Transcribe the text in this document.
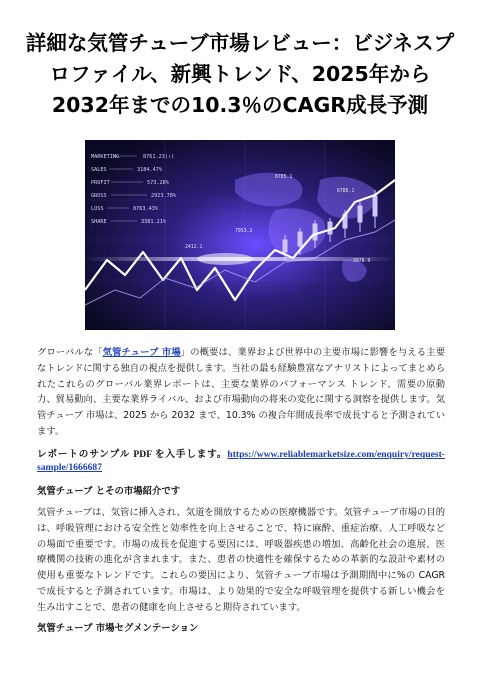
詳細な気管チューブ市場レビュー：ビジネスプロファイル、新興トレンド、2025年から2032年までの10.3％のCAGR成長予測
MARKETING
SALES
PROFIT
GROSS
LOSS
SHARE
8761.23(↑)
3184.47%
573.28%
2923.78%
8763.43%
3381.21%
8785.1
6786.1
7953.2
3978.9
2412.1

グローバルな「気管チューブ 市場」の概要は、業界および世界中の主要市場に影響を与える主要なトレンドに関する独自の視点を提供します。当社の最も経験豊富なアナリストによってまとめられたこれらのグローバル業界レポートは、主要な業界のパフォーマンス トレンド、需要の原動力、貿易動向、主要な業界ライバル、および市場動向の将来の変化に関する洞察を提供します。気管チューブ 市場は、2025 から 2032 まで、10.3% の複合年間成長率で成長すると予測されています。

レポートのサンプル PDF を入手します。https://www.reliablemarketsize.com/enquiry/request-sample/1666687

気管チューブ とその市場紹介です

気管チューブは、気管に挿入され、気道を開放するための医療機器です。気管チューブ市場の目的は、呼吸管理における安全性と効率性を向上させることで、特に麻酔、重症治療、人工呼吸などの場面で重要です。市場の成長を促進する要因には、呼吸器疾患の増加、高齢化社会の進展、医療機関の技術の進化が含まれます。また、患者の快適性を確保するための革新的な設計や素材の使用も重要なトレンドです。これらの要因により、気管チューブ市場は予測期間中に%の CAGRで成長すると予測されています。市場は、より効果的で安全な呼吸管理を提供する新しい機会を生み出すことで、患者の健康を向上させると期待されています。

気管チューブ 市場セグメンテーション
